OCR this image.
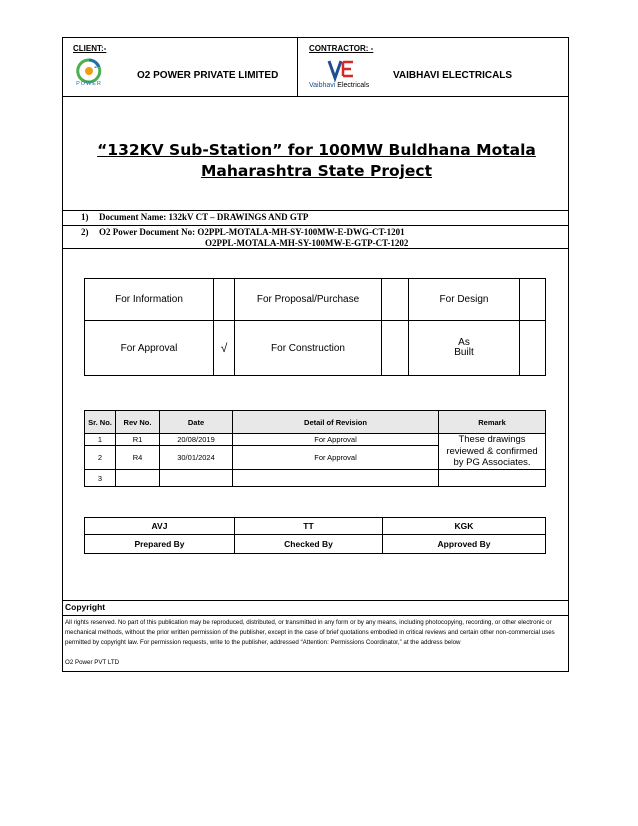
CLIENT:-
2
POWER
O2 POWER PRIVATE LIMITED
CONTRACTOR: -
Vaibhavi Electricals
VAIBHAVI ELECTRICALS
“132KV Sub-Station” for 100MW Buldhana Motala
Maharashtra State Project
1) Document Name: 132kV CT – DRAWINGS AND GTP
2) O2 Power Document No: O2PPL-MOTALA-MH-SY-100MW-E-DWG-CT-1201
O2PPL-MOTALA-MH-SY-100MW-E-GTP-CT-1202
For Information		For Proposal/Purchase		For Design	
For Approval	√	For Construction		As
Built	
Sr. No.	Rev No.	Date	Detail of Revision	Remark
1	R1	20/08/2019	For Approval	These drawings
reviewed & confirmed
by PG Associates.
2	R4	30/01/2024	For Approval	
3				
AVJ	TT	KGK
Prepared By	Checked By	Approved By
Copyright
All rights reserved. No part of this publication may be reproduced, distributed, or transmitted in any form or by any means, including photocopying, recording, or other electronic or mechanical methods, without the prior written permission of the publisher, except in the case of brief quotations embodied in critical reviews and certain other non-commercial uses permitted by copyright law. For permission requests, write to the publisher, addressed “Attention: Permissions Coordinator,” at the address below
O2 Power PVT LTD
